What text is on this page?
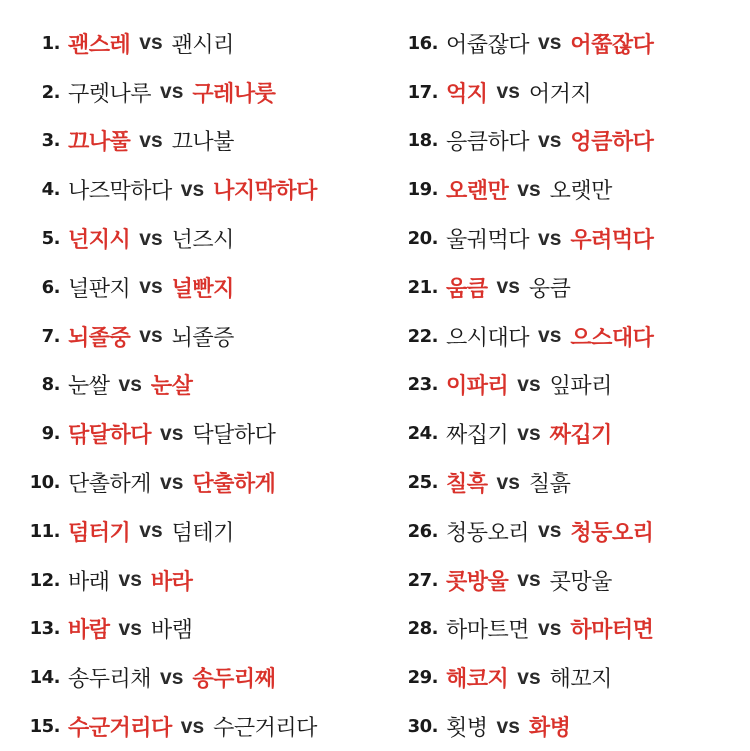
1. 괜스레 vs 괜시리
2. 구렛나루 vs 구레나룻
3. 끄나풀 vs 끄나불
4. 나즈막하다 vs 나지막하다
5. 넌지시 vs 넌즈시
6. 널판지 vs 널빤지
7. 뇌졸중 vs 뇌졸증
8. 눈쌀 vs 눈살
9. 닦달하다 vs 닥달하다
10. 단촐하게 vs 단출하게
11. 덤터기 vs 덤테기
12. 바래 vs 바라
13. 바람 vs 바램
14. 송두리채 vs 송두리째
15. 수군거리다 vs 수근거리다
16. 어줍잖다 vs 어쭙잖다
17. 억지 vs 어거지
18. 응큼하다 vs 엉큼하다
19. 오랜만 vs 오랫만
20. 울궈먹다 vs 우려먹다
21. 움큼 vs 웅큼
22. 으시대다 vs 으스대다
23. 이파리 vs 잎파리
24. 짜집기 vs 짜깁기
25. 칠흑 vs 칠흙
26. 청동오리 vs 청둥오리
27. 콧방울 vs 콧망울
28. 하마트면 vs 하마터면
29. 해코지 vs 해꼬지
30. 횟병 vs 화병
